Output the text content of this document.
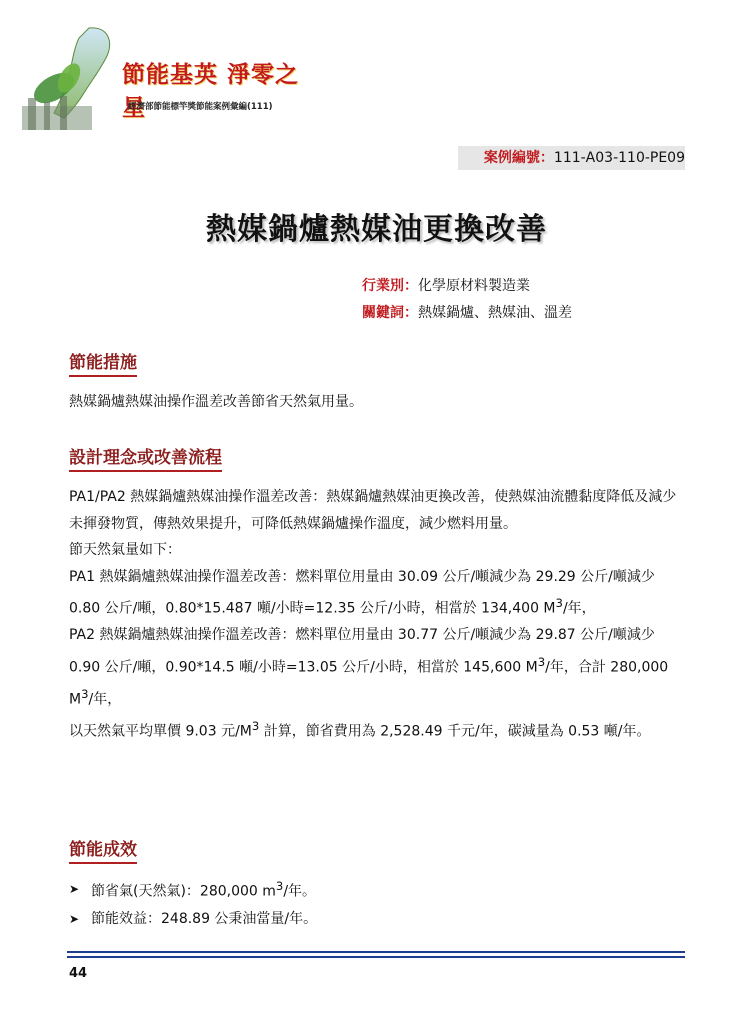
節能基英 淨零之星
經濟部節能標竿獎節能案例彙編(111)
案例編號：111-A03-110-PE09
熱媒鍋爐熱媒油更換改善
行業別：化學原材料製造業
關鍵詞：熱媒鍋爐、熱媒油、溫差
節能措施

熱媒鍋爐熱媒油操作溫差改善節省天然氣用量。

設計理念或改善流程

PA1/PA2 熱媒鍋爐熱媒油操作溫差改善：熱媒鍋爐熱媒油更換改善，使熱媒油流體黏度降低及減少未揮發物質，傳熱效果提升，可降低熱媒鍋爐操作溫度，減少燃料用量。

節天然氣量如下：

PA1 熱媒鍋爐熱媒油操作溫差改善：燃料單位用量由 30.09 公斤/噸減少為 29.29 公斤/噸減少 0.80 公斤/噸，0.80*15.487 噸/小時=12.35 公斤/小時，相當於 134,400 $M^3/$年，

PA2 熱媒鍋爐熱媒油操作溫差改善：燃料單位用量由 30.77 公斤/噸減少為 29.87 公斤/噸減少 0.90 公斤/噸，0.90*14.5 噸/小時=13.05 公斤/小時，相當於 145,600 $M^3/$年，合計 280,000 $M^3/$年，

以天然氣平均單價 9.03 元$/M^3$ 計算，節省費用為 2,528.49 千元/年，碳減量為 0.53 噸/年。

節能成效
➤ 節省氣(天然氣)：280,000 $m^3/$年。
➤ 節能效益：248.89 公秉油當量/年。
44
